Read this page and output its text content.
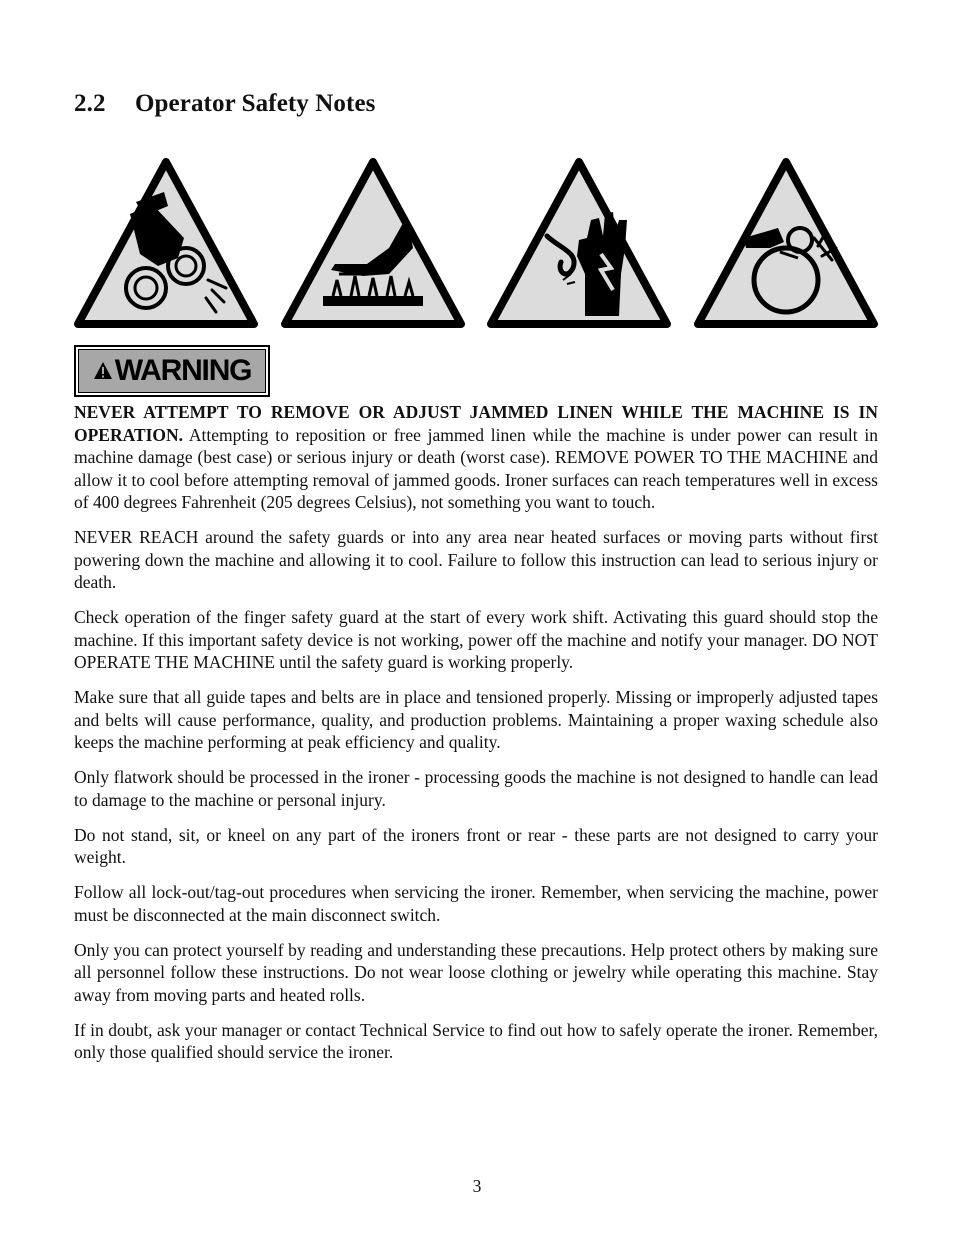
2.2 Operator Safety Notes
WARNING

NEVER ATTEMPT TO REMOVE OR ADJUST JAMMED LINEN WHILE THE MACHINE IS IN OPERATION. Attempting to reposition or free jammed linen while the machine is under power can result in machine damage (best case) or serious injury or death (worst case). REMOVE POWER TO THE MACHINE and allow it to cool before attempting removal of jammed goods. Ironer surfaces can reach temperatures well in excess of 400 degrees Fahrenheit (205 degrees Celsius), not something you want to touch.

NEVER REACH around the safety guards or into any area near heated surfaces or moving parts without first powering down the machine and allowing it to cool. Failure to follow this instruction can lead to serious injury or death.

Check operation of the finger safety guard at the start of every work shift. Activating this guard should stop the machine. If this important safety device is not working, power off the machine and notify your manager. DO NOT OPERATE THE MACHINE until the safety guard is working properly.

Make sure that all guide tapes and belts are in place and tensioned properly. Missing or improperly adjusted tapes and belts will cause performance, quality, and production problems. Maintaining a proper waxing schedule also keeps the machine performing at peak efficiency and quality.

Only flatwork should be processed in the ironer - processing goods the machine is not designed to handle can lead to damage to the machine or personal injury.

Do not stand, sit, or kneel on any part of the ironers front or rear - these parts are not designed to carry your weight.

Follow all lock-out/tag-out procedures when servicing the ironer. Remember, when servicing the machine, power must be disconnected at the main disconnect switch.

Only you can protect yourself by reading and understanding these precautions. Help protect others by making sure all personnel follow these instructions. Do not wear loose clothing or jewelry while operating this machine. Stay away from moving parts and heated rolls.

If in doubt, ask your manager or contact Technical Service to find out how to safely operate the ironer. Remember, only those qualified should service the ironer.

3
